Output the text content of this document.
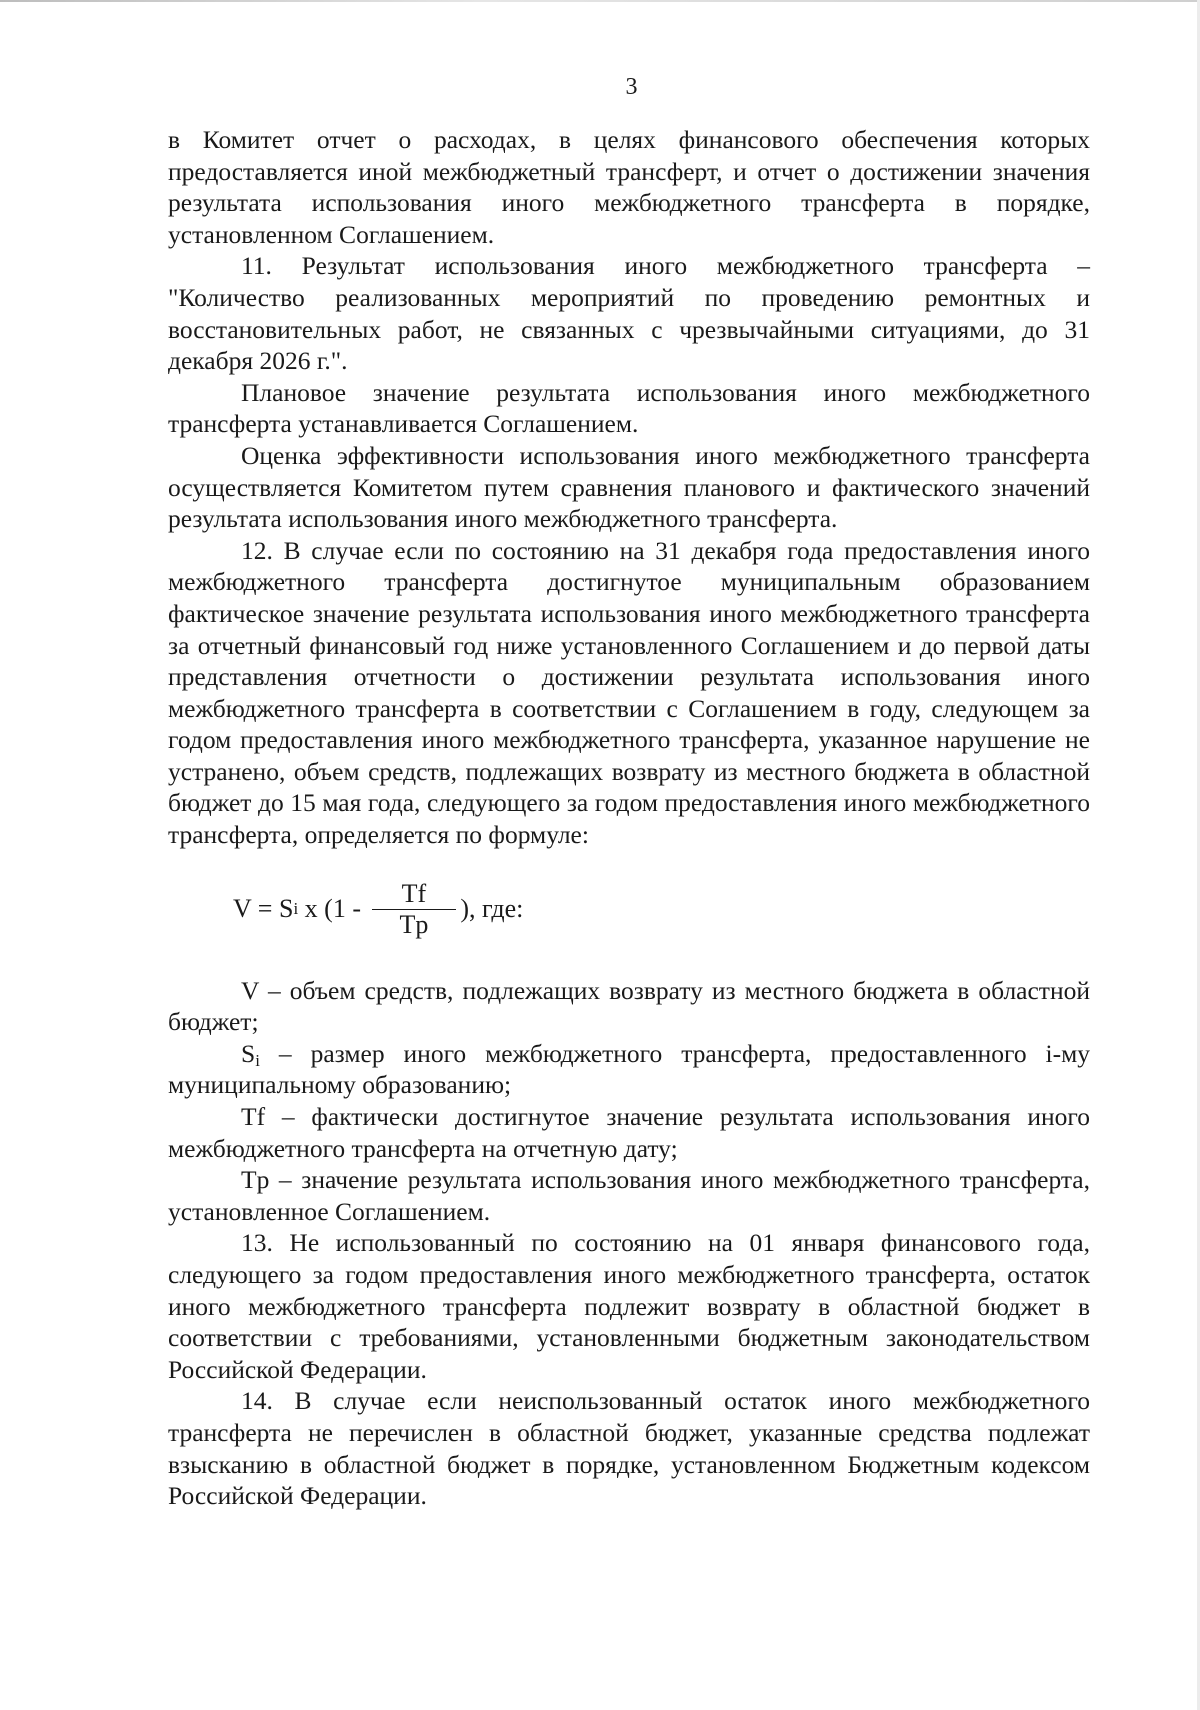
3

в Комитет отчет о расходах, в целях финансового обеспечения которых предоставляется иной межбюджетный трансферт, и отчет о достижении значения результата использования иного межбюджетного трансферта в порядке, установленном Соглашением.

11. Результат использования иного межбюджетного трансферта – "Количество реализованных мероприятий по проведению ремонтных и восстановительных работ, не связанных с чрезвычайными ситуациями, до 31 декабря 2026 г.".

Плановое значение результата использования иного межбюджетного трансферта устанавливается Соглашением.

Оценка эффективности использования иного межбюджетного трансферта осуществляется Комитетом путем сравнения планового и фактического значений результата использования иного межбюджетного трансферта.

12. В случае если по состоянию на 31 декабря года предоставления иного межбюджетного трансферта достигнутое муниципальным образованием фактическое значение результата использования иного межбюджетного трансферта за отчетный финансовый год ниже установленного Соглашением и до первой даты представления отчетности о достижении результата использования иного межбюджетного трансферта в соответствии с Соглашением в году, следующем за годом предоставления иного межбюджетного трансферта, указанное нарушение не устранено, объем средств, подлежащих возврату из местного бюджета в областной бюджет до 15 мая года, следующего за годом предоставления иного межбюджетного трансферта, определяется по формуле:

V = S i x ($1 - \frac{Tf}{Tp}$ ), где:

V – объем средств, подлежащих возврату из местного бюджета в областной бюджет;

$S_i$ – размер иного межбюджетного трансферта, предоставленного i-му муниципальному образованию;

Tf – фактически достигнутое значение результата использования иного межбюджетного трансферта на отчетную дату;

Tp – значение результата использования иного межбюджетного трансферта, установленное Соглашением.

13. Не использованный по состоянию на 01 января финансового года, следующего за годом предоставления иного межбюджетного трансферта, остаток иного межбюджетного трансферта подлежит возврату в областной бюджет в соответствии с требованиями, установленными бюджетным законодательством Российской Федерации.

14. В случае если неиспользованный остаток иного межбюджетного трансферта не перечислен в областной бюджет, указанные средства подлежат взысканию в областной бюджет в порядке, установленном Бюджетным кодексом Российской Федерации.
